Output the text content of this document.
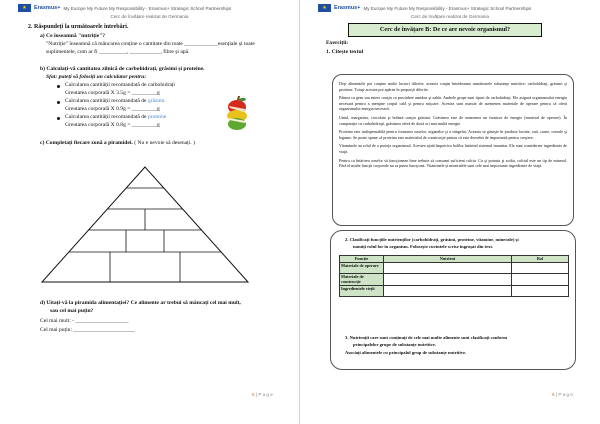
★	Erasmus+ My Europe My Future My Responsibility - Erasmus+ Strategic School Partnerships
Cerc de învățare realizat de Germania
2. Răspundeți la următoarele întrebări.
a) Ce înseamnă "nutriție"?
"Nutriție" înseamnă că mâncarea conține o cantitate din toate ____________esențiale și toate
suplimentele, cum ar fi __________, ___________, fibre și apă.
b) Calculați-vă cantitatea zilnică de carbohidrați, grăsimi și proteine.
Sfat: puteți să folosiți un calculator pentru:
Calcularea cantității recomandată de carbohidrați
Greutatea corporală X 3.5g = _________g
Calcularea cantității recomandată de grăsimi
Greutatea corporală X 0.9g = _________g
Calcularea cantității recomandată de proteine
Greutatea corporală X 0.8g = _________g
c) Completați fiecare zonă a piramidei. ( Nu e nevoie să desenați. )
d) Uitați-vă la piramida alimentației? Ce alimente ar trebui să mâncați cel mai mult,
sau cel mai puțin?
Cel mai mult: - ___________________
Cel mai puțin: ______________________
5 | P a g e
★	Erasmus+ My Europe My Future My Responsibility - Erasmus+ Strategic School Partnerships
Cerc de învățare realizat de Germania
Cerc de învățare B: De ce are nevoie organismul?
Exerciții:
1. Citește textul

Deşi alimentele pot conţine multe lucruri diferite, acestea conţin întotdeauna următoarele substanţe nutritive: carbohidraţi, grăsimi şi proteine. Totuşi acestea pot apărea în proporţii diferite.

Păinea cu gem sau miere conţin cu precădere amidon şi zahăr. Ambele grupe sunt tipuri de carbohidraţi. Ele asigură organismului energia necesară pentru a menţine corpul cald şi pentru mişcare. Acestea sunt numite de asemenea materiale de operare pentru că oferă organismului energia necesară.

Untul, margarina, ciocolata şi brânză conţin grăsimi. Grăsimea este de asemenea un furnizor de energie (material de operare). În comparaţie cu carbohidraţii, grăsimea oferă de două ori mai multă energie.

Proteina este indispensabilă pentru formarea oaselor, organelor şi a sângelui. Aceasta se găseşte în produse lactate, ouă, carne, cereale şi legume. Se poate spune că proteina este materialul de construcţie pentru că este deosebit de importantă pentru creştere.

Vitaminele au rolul de a proteja organismul. Acestea ajută împotriva bolilor întărind sistemul imunitar. Ele sunt considerate ingrediente de viaţă.

Pentru ca întărirea oaselor să funcţioneze bine trebuie să consumi suficient calciu. Cu şi potasiu şi sodiu, calciul este un tip de mineral. Fără el multe funcţii corporale nu ar putea funcţiona. Vitaminele şi mineralele sunt cele mai importante ingrediente de viaţă.

2. Clasificați funcțiile nutrienților (carbohidrați, grăsimi, proteine, vitamine, minerale) și
numiți rolul lor în organism. Folosește cuvintele scrise îngroșat din text.
Funcție	Nutrient	Rol
Materiale de operare		
Materiale de construcție		
Ingredientele vieții		
3. Nutrienții care sunt conținuți de cele mai multe alimente sunt clasificați conform
principalelor grupe de substanțe nutritive.
Asociați alimentele cu principalul grup de substanțe nutritive.
6 | P a g e
